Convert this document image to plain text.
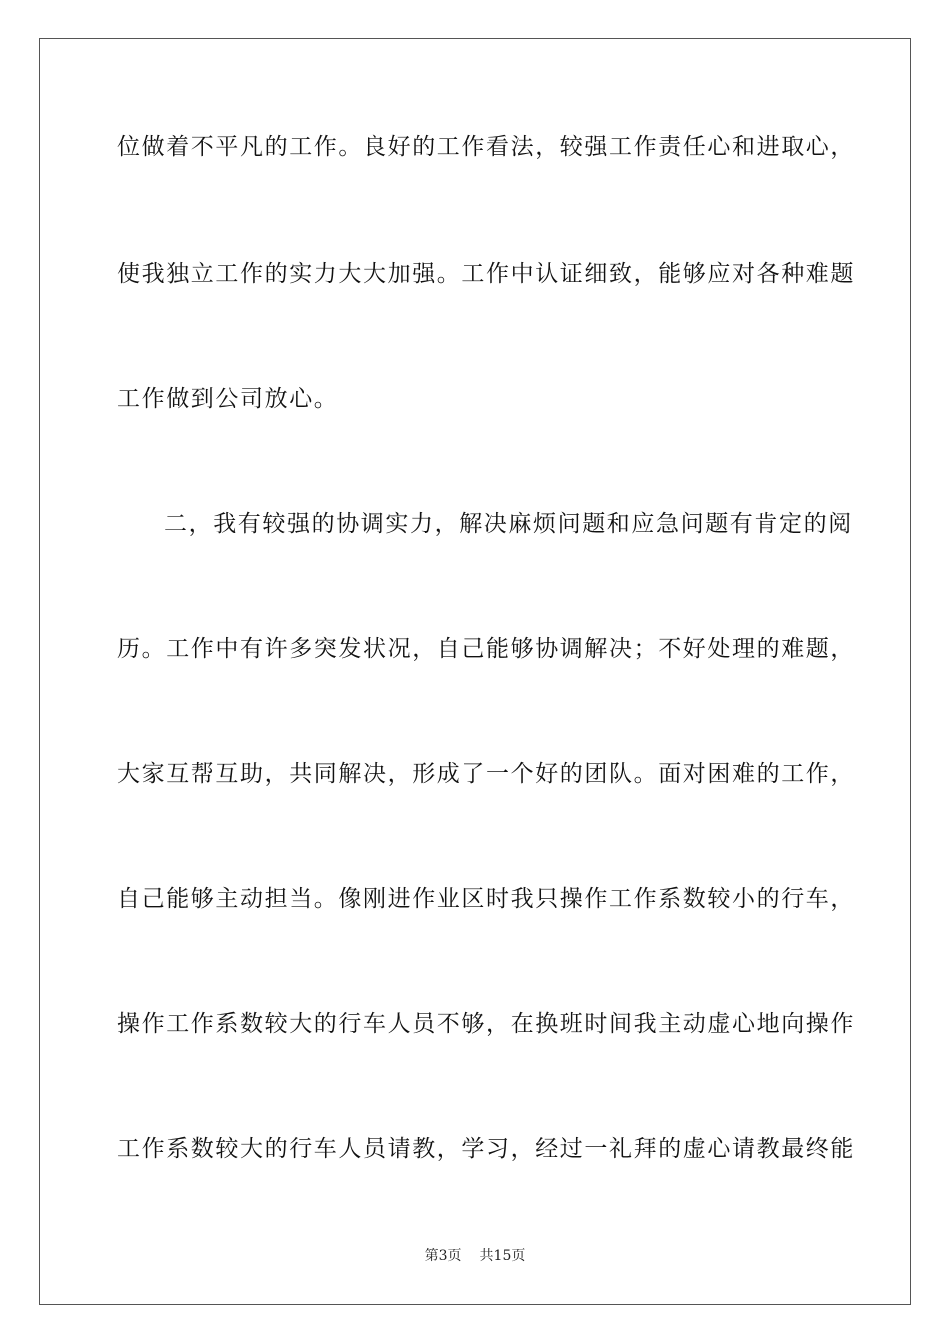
位做着不平凡的工作。良好的工作看法，较强工作责任心和进取心，
使我独立工作的实力大大加强。工作中认证细致，能够应对各种难题
工作做到公司放心。
二，我有较强的协调实力，解决麻烦问题和应急问题有肯定的阅
历。工作中有许多突发状况，自己能够协调解决；不好处理的难题，
大家互帮互助，共同解决，形成了一个好的团队。面对困难的工作，
自己能够主动担当。像刚进作业区时我只操作工作系数较小的行车，
操作工作系数较大的行车人员不够，在换班时间我主动虚心地向操作
工作系数较大的行车人员请教，学习，经过一礼拜的虚心请教最终能
第3页 共15页
